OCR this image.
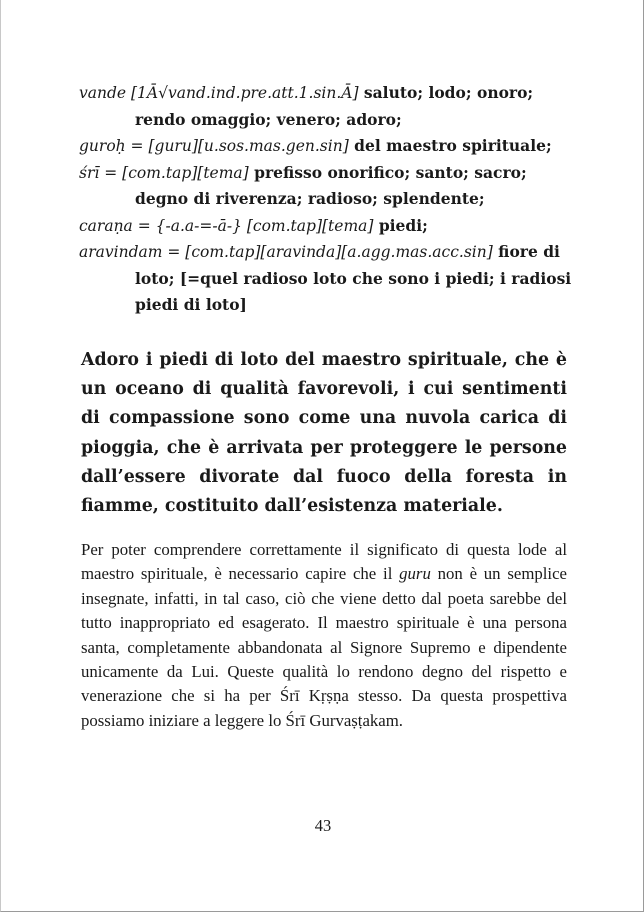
vande [1Ā√vand.ind.pre.att.1.sin.Ā] saluto; lodo; onoro;
rendo omaggio; venero; adoro;

guroḥ = [guru][u.sos.mas.gen.sin] del maestro spirituale;

śrī = [com.tap][tema] prefisso onorifico; santo; sacro;
degno di riverenza; radioso; splendente;

caraṇa = {-a.a-=-ā-} [com.tap][tema] piedi;

aravindam = [com.tap][aravinda][a.agg.mas.acc.sin] fiore di
loto; [=quel radioso loto che sono i piedi; i radiosi piedi di loto]

Adoro i piedi di loto del maestro spirituale, che è un oceano di qualità favorevoli, i cui sentimenti di compassione sono come una nuvola carica di pioggia, che è arrivata per proteggere le persone dall’essere divorate dal fuoco della foresta in fiamme, costituito dall’esistenza materiale.

Per poter comprendere correttamente il significato di questa lode al maestro spirituale, è necessario capire che il guru non è un semplice insegnate, infatti, in tal caso, ciò che viene detto dal poeta sarebbe del tutto inappropriato ed esagerato. Il maestro spirituale è una persona santa, completamente abbandonata al Signore Supremo e dipendente unicamente da Lui. Queste qualità lo rendono degno del rispetto e venerazione che si ha per Śrī Kṛṣṇa stesso. Da questa prospettiva possiamo iniziare a leggere lo Śrī Gurvaṣṭakam.

43
